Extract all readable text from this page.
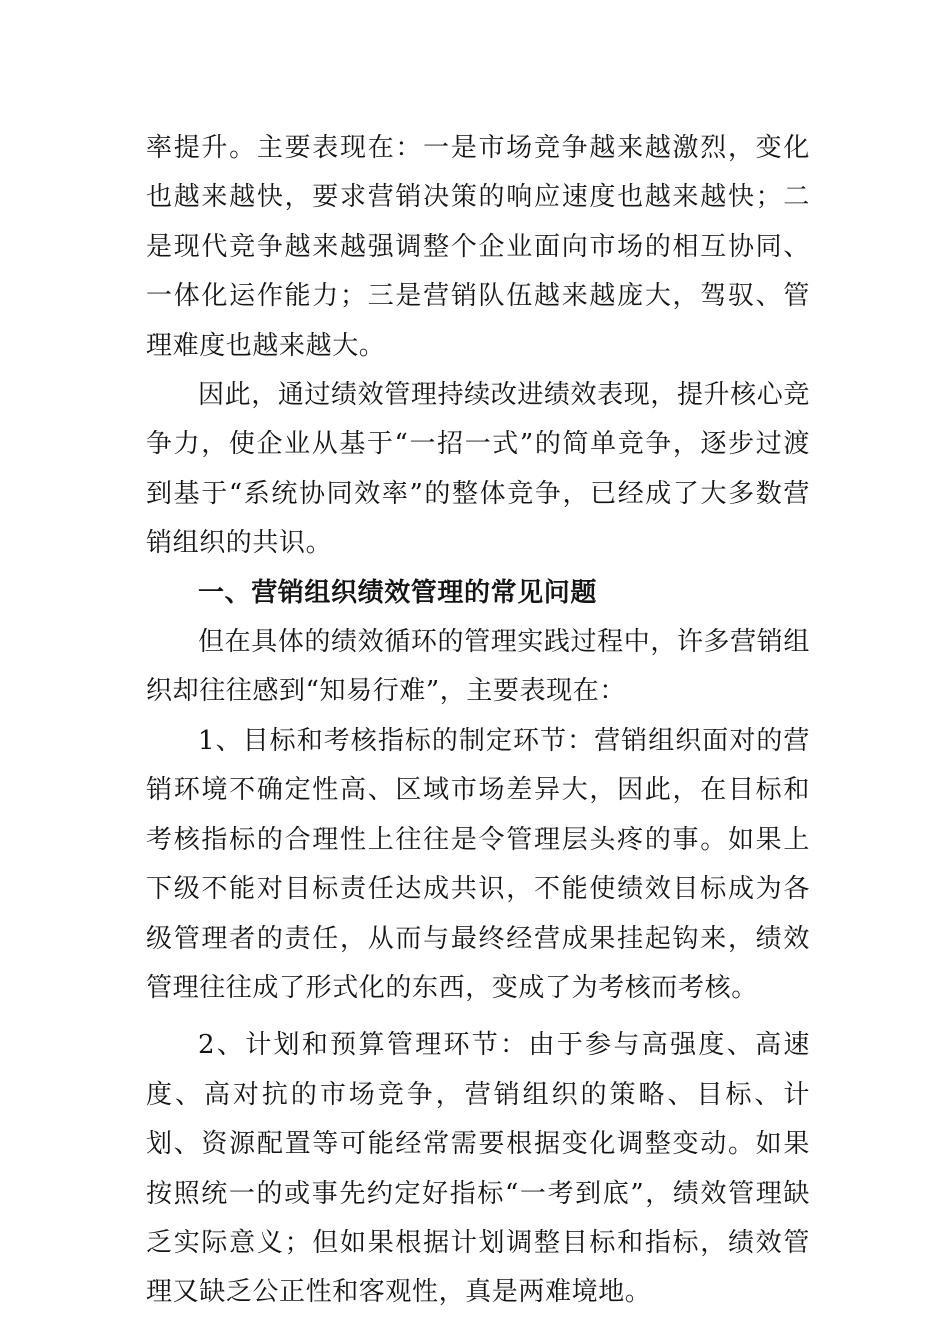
率提升。主要表现在：一是市场竞争越来越激烈，变化也越来越快，要求营销决策的响应速度也越来越快；二是现代竞争越来越强调整个企业面向市场的相互协同、一体化运作能力；三是营销队伍越来越庞大，驾驭、管理难度也越来越大。

因此，通过绩效管理持续改进绩效表现，提升核心竞争力，使企业从基于“一招一式”的简单竞争，逐步过渡到基于“系统协同效率”的整体竞争，已经成了大多数营销组织的共识。

一、营销组织绩效管理的常见问题

但在具体的绩效循环的管理实践过程中，许多营销组织却往往感到“知易行难”，主要表现在：

1、目标和考核指标的制定环节：营销组织面对的营销环境不确定性高、区域市场差异大，因此，在目标和考核指标的合理性上往往是令管理层头疼的事。如果上下级不能对目标责任达成共识，不能使绩效目标成为各级管理者的责任，从而与最终经营成果挂起钩来，绩效管理往往成了形式化的东西，变成了为考核而考核。

2、计划和预算管理环节：由于参与高强度、高速度、高对抗的市场竞争，营销组织的策略、目标、计划、资源配置等可能经常需要根据变化调整变动。如果按照统一的或事先约定好指标“一考到底”，绩效管理缺乏实际意义；但如果根据计划调整目标和指标，绩效管理又缺乏公正性和客观性，真是两难境地。
